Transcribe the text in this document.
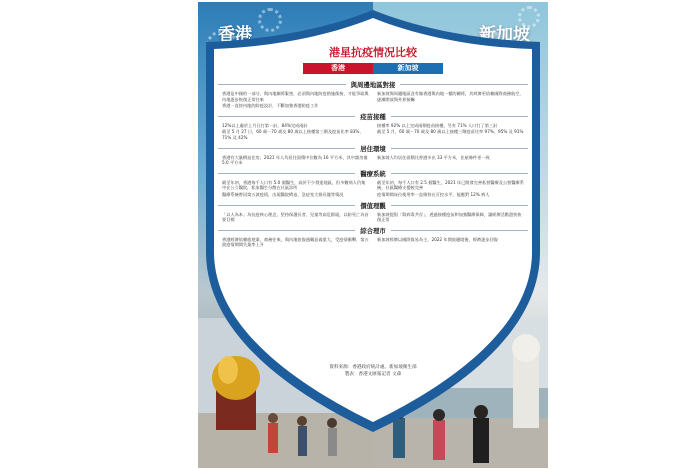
香港	新加坡
港星抗疫情况比较
香港	新加坡
與周邊地區對接

香港是中國的一部分，與內地關係緊密，必須與內地防疫措施銜接，才能爭取與內地逐步恢復正常往來

香港一直按內地的防疫設計，不斷加強香港防疫工作

新加坡與周邊地區沒有像香港與內地一樣的關係，其經濟更依賴國際商務航空，逐漸開放與外界接觸

疫苗接種

12%以上處於上月日打第一針，84%完成兩針

截至 5 月 27 日，60 歲－70 歲及 80 歲以上接種第三劑及疫苗比率 83%、71% 及 42%

接種率 92% 以上完成兩劑疫苗接種，另有 71% 人口打了第三針

截至 5 月，60 歲－70 歲及 80 歲以上接種三劑疫苗比率 97%、95% 及 91%

居住環境

香港有大量擠迫住房，2021 年人均居住面積中位數為 16 平方米，其中劏房僅 5.0 平方米

新加坡人均居住面積比香港多出 33 平方米，住屋條件更一致

醫療系統

截至年初，香港每千人口有 5.0 個醫生，高於不少發達地區，但多數病人仍集中在公立醫院，私家醫生分散在社區診所

醫療系統曾因第五波疫情，出現醫院擠迫、急症室大排長龍等情況

截至年初，每千人口有 2.5 個醫生，2021 年已開發完善私營醫療及公營醫療系統，社區醫療支援較完善

疫情期間床位使用率一直維持在可控水平，能應對 12% 病人

價值理觀

「以人為本」為抗疫核心理念，堅持保護長者、兒童等高危群組，以防死亡為首要目標

新加坡提倡「與病毒共存」，透過接種疫苗和加強醫療保障，讓經濟活動盡快恢復正常

綜合理市

香港經濟依賴旅遊業、商務往來，與內地恢復通關意義重大，受疫情衝擊，第五波疫情期間失業率上升

新加坡經濟以國際貿易為主，2022 年開放邊境後，經濟逐步回復

資料來源：香港政府統計處、新加坡衛生部
製表：香港文匯報記者 文森
